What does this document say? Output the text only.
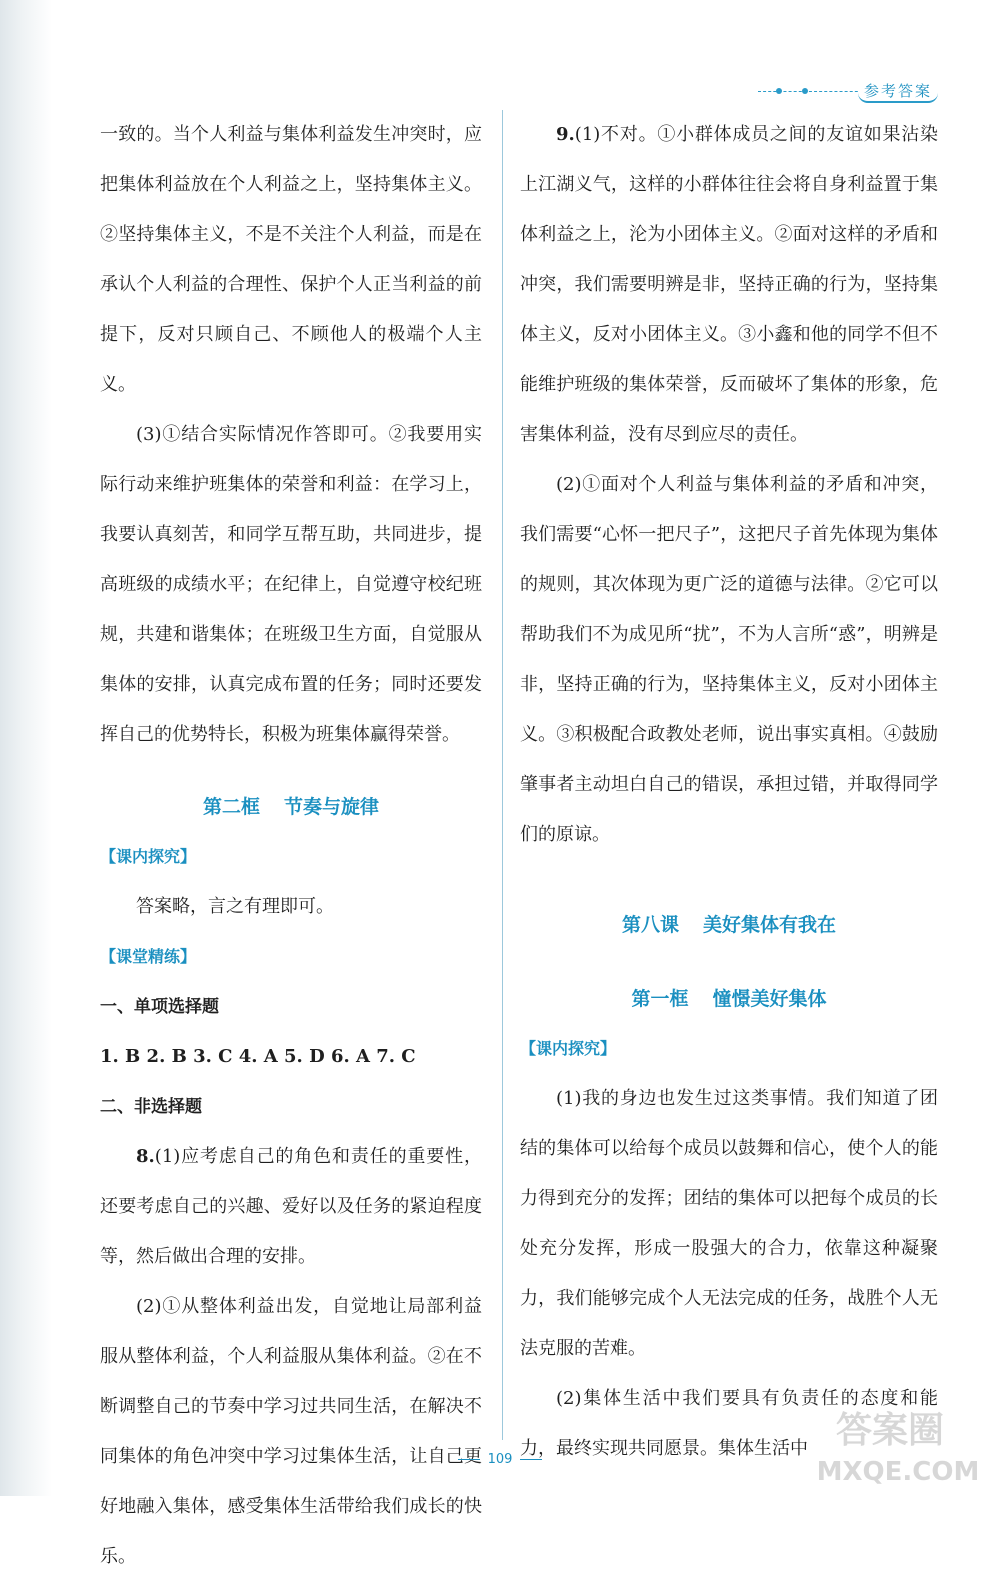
参考答案

一致的。当个人利益与集体利益发生冲突时，应把集体利益放在个人利益之上，坚持集体主义。②坚持集体主义，不是不关注个人利益，而是在承认个人利益的合理性、保护个人正当利益的前提下，反对只顾自己、不顾他人的极端个人主义。

(3)①结合实际情况作答即可。②我要用实际行动来维护班集体的荣誉和利益：在学习上，我要认真刻苦，和同学互帮互助，共同进步，提高班级的成绩水平；在纪律上，自觉遵守校纪班规，共建和谐集体；在班级卫生方面，自觉服从集体的安排，认真完成布置的任务；同时还要发挥自己的优势特长，积极为班集体赢得荣誉。

第二框 节奏与旋律

【课内探究】

答案略，言之有理即可。

【课堂精练】

一、单项选择题

1. B 2. B 3. C 4. A 5. D 6. A 7. C

二、非选择题

8.(1)应考虑自己的角色和责任的重要性，还要考虑自己的兴趣、爱好以及任务的紧迫程度等，然后做出合理的安排。

(2)①从整体利益出发，自觉地让局部利益服从整体利益，个人利益服从集体利益。②在不断调整自己的节奏中学习过共同生活，在解决不同集体的角色冲突中学习过集体生活，让自己更好地融入集体，感受集体生活带给我们成长的快乐。

9.(1)不对。①小群体成员之间的友谊如果沾染上江湖义气，这样的小群体往往会将自身利益置于集体利益之上，沦为小团体主义。②面对这样的矛盾和冲突，我们需要明辨是非，坚持正确的行为，坚持集体主义，反对小团体主义。③小鑫和他的同学不但不能维护班级的集体荣誉，反而破坏了集体的形象，危害集体利益，没有尽到应尽的责任。

(2)①面对个人利益与集体利益的矛盾和冲突，我们需要“心怀一把尺子”，这把尺子首先体现为集体的规则，其次体现为更广泛的道德与法律。②它可以帮助我们不为成见所“扰”，不为人言所“惑”，明辨是非，坚持正确的行为，坚持集体主义，反对小团体主义。③积极配合政教处老师，说出事实真相。④鼓励肇事者主动坦白自己的错误，承担过错，并取得同学们的原谅。

第八课 美好集体有我在
第一框 憧憬美好集体

【课内探究】

(1)我的身边也发生过这类事情。我们知道了团结的集体可以给每个成员以鼓舞和信心，使个人的能力得到充分的发挥；团结的集体可以把每个成员的长处充分发挥，形成一股强大的合力，依靠这种凝聚力，我们能够完成个人无法完成的任务，战胜个人无法克服的苦难。

(2)集体生活中我们要具有负责任的态度和能力，最终实现共同愿景。集体生活中

109
答案圈
MXQE.COM
